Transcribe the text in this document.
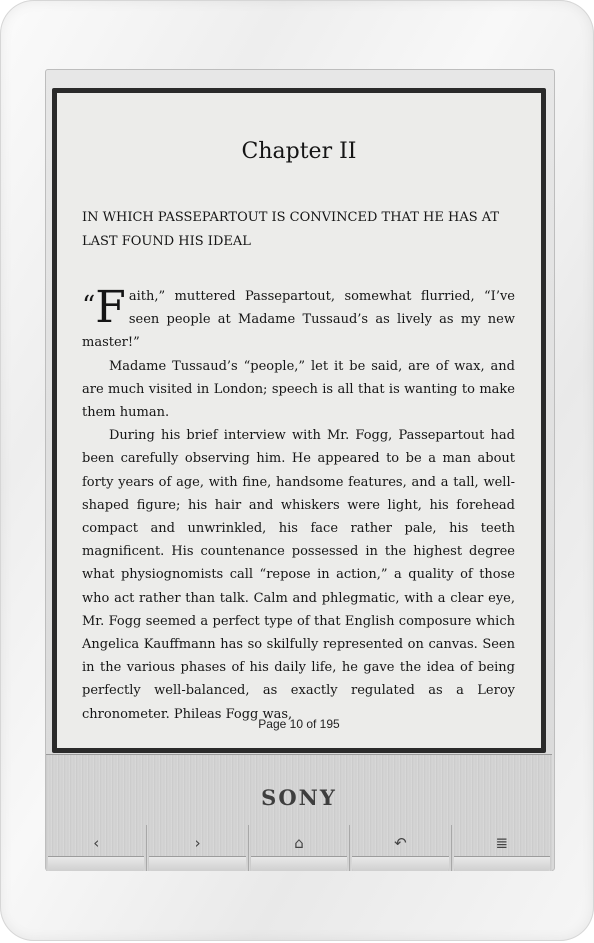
Chapter II
IN WHICH PASSEPARTOUT IS CONVINCED THAT HE HAS AT LAST FOUND HIS IDEAL

“F aith,” muttered Passepartout, somewhat flurried, “I’ve seen people at Madame Tussaud’s as lively as my new master!”

Madame Tussaud’s “people,” let it be said, are of wax, and are much visited in London; speech is all that is wanting to make them human.

During his brief interview with Mr. Fogg, Passepartout had been carefully observing him. He appeared to be a man about forty years of age, with fine, handsome features, and a tall, well-shaped figure; his hair and whiskers were light, his forehead compact and unwrinkled, his face rather pale, his teeth magnificent. His countenance possessed in the highest degree what physiognomists call “repose in action,” a quality of those who act rather than talk. Calm and phlegmatic, with a clear eye, Mr. Fogg seemed a perfect type of that English composure which Angelica Kauffmann has so skilfully represented on canvas. Seen in the various phases of his daily life, he gave the idea of being perfectly well-balanced, as exactly regulated as a Leroy chronometer. Phileas Fogg was,

Page 10 of 195
SONY
‹	›	⌂	↶	≣
